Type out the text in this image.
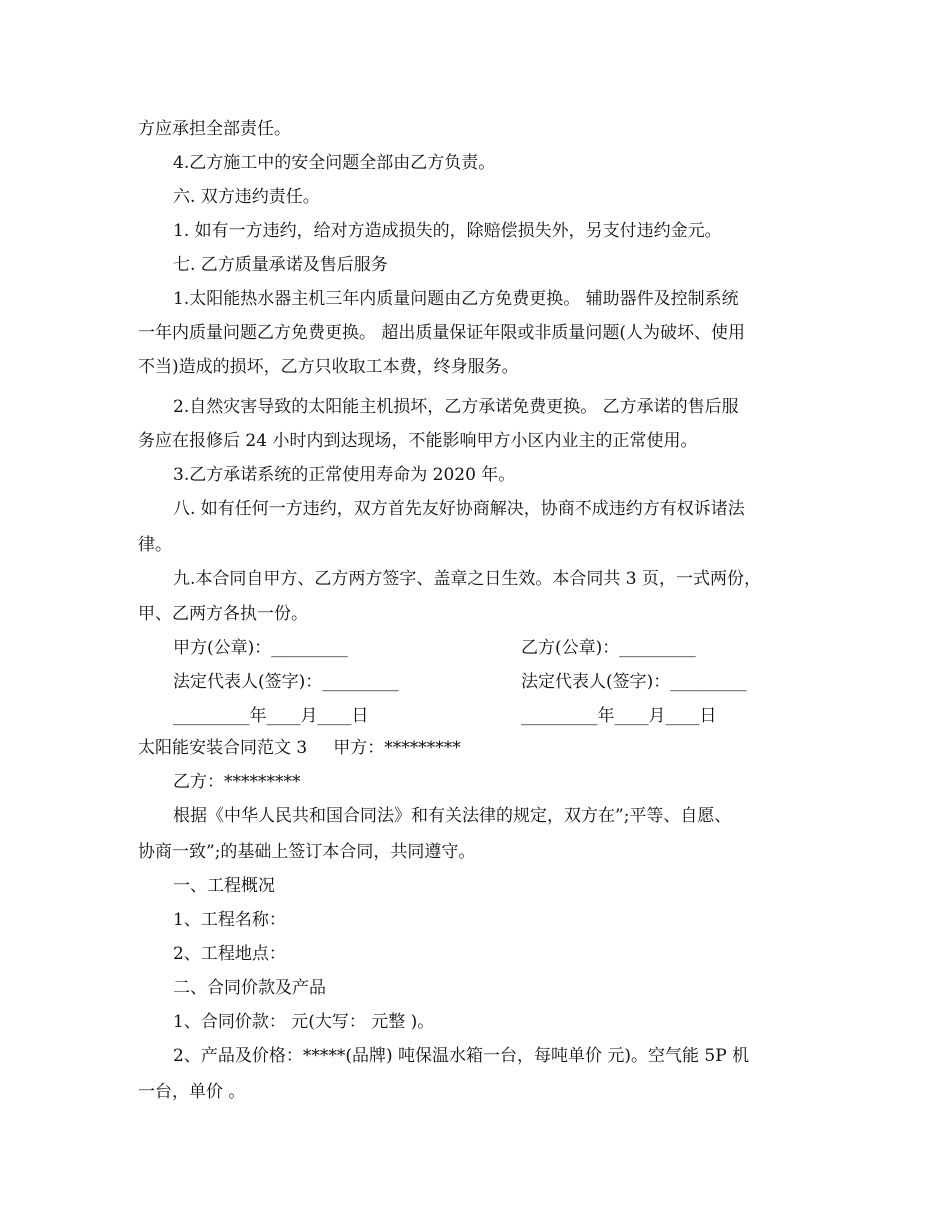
方应承担全部责任。
4.乙方施工中的安全问题全部由乙方负责。
六. 双方违约责任。
1. 如有一方违约，给对方造成损失的，除赔偿损失外，另支付违约金元。
七. 乙方质量承诺及售后服务
1.太阳能热水器主机三年内质量问题由乙方免费更换。 辅助器件及控制系统
一年内质量问题乙方免费更换。 超出质量保证年限或非质量问题(人为破坏、使用
不当)造成的损坏，乙方只收取工本费，终身服务。
2.自然灾害导致的太阳能主机损坏，乙方承诺免费更换。 乙方承诺的售后服
务应在报修后 24 小时内到达现场，不能影响甲方小区内业主的正常使用。
3.乙方承诺系统的正常使用寿命为 2020 年。
八. 如有任何一方违约，双方首先友好协商解决，协商不成违约方有权诉诸法
律。
九.本合同自甲方、乙方两方签字、盖章之日生效。本合同共 3 页，一式两份，
甲、乙两方各执一份。
甲方(公章)：_________	乙方(公章)：_________
法定代表人(签字)：_________	法定代表人(签字)：_________
_________年____月____日	_________年____月____日
太阳能安装合同范文 3 甲方：*********
乙方：*********
根据《中华人民共和国合同法》和有关法律的规定，双方在”;平等、自愿、
协商一致”;的基础上签订本合同，共同遵守。
一、工程概况
1、工程名称：
2、工程地点：
二、合同价款及产品
1、合同价款： 元(大写： 元整 )。
2、产品及价格：*****(品牌) 吨保温水箱一台，每吨单价 元)。空气能 5P 机
一台，单价 。
